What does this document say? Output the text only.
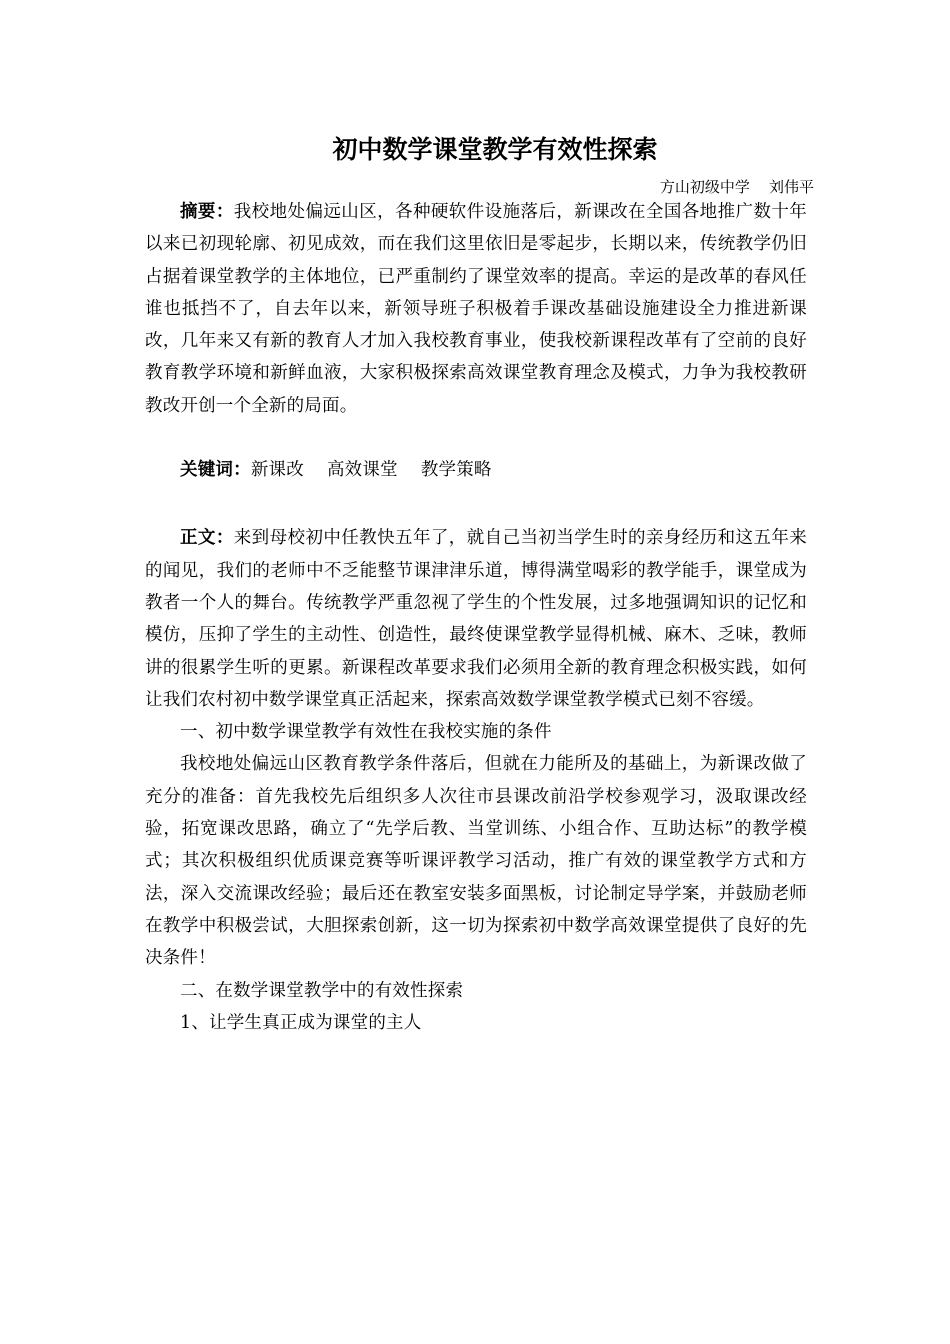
初中数学课堂教学有效性探索
方山初级中学    刘伟平

摘要：我校地处偏远山区，各种硬软件设施落后，新课改在全国各地推广数十年以来已初现轮廓、初见成效，而在我们这里依旧是零起步，长期以来，传统教学仍旧占据着课堂教学的主体地位，已严重制约了课堂效率的提高。幸运的是改革的春风任谁也抵挡不了，自去年以来，新领导班子积极着手课改基础设施建设全力推进新课改，几年来又有新的教育人才加入我校教育事业，使我校新课程改革有了空前的良好教育教学环境和新鲜血液，大家积极探索高效课堂教育理念及模式，力争为我校教研教改开创一个全新的局面。

关键词：新课改    高效课堂    教学策略

正文：来到母校初中任教快五年了，就自己当初当学生时的亲身经历和这五年来的闻见，我们的老师中不乏能整节课津津乐道，博得满堂喝彩的教学能手，课堂成为教者一个人的舞台。传统教学严重忽视了学生的个性发展，过多地强调知识的记忆和模仿，压抑了学生的主动性、创造性，最终使课堂教学显得机械、麻木、乏味，教师讲的很累学生听的更累。新课程改革要求我们必须用全新的教育理念积极实践，如何让我们农村初中数学课堂真正活起来，探索高效数学课堂教学模式已刻不容缓。

一、初中数学课堂教学有效性在我校实施的条件

我校地处偏远山区教育教学条件落后，但就在力能所及的基础上，为新课改做了充分的准备：首先我校先后组织多人次往市县课改前沿学校参观学习，汲取课改经验，拓宽课改思路，确立了“先学后教、当堂训练、小组合作、互助达标”的教学模式；其次积极组织优质课竞赛等听课评教学习活动，推广有效的课堂教学方式和方法，深入交流课改经验；最后还在教室安装多面黑板，讨论制定导学案，并鼓励老师在教学中积极尝试，大胆探索创新，这一切为探索初中数学高效课堂提供了良好的先决条件！

二、在数学课堂教学中的有效性探索

1、让学生真正成为课堂的主人
